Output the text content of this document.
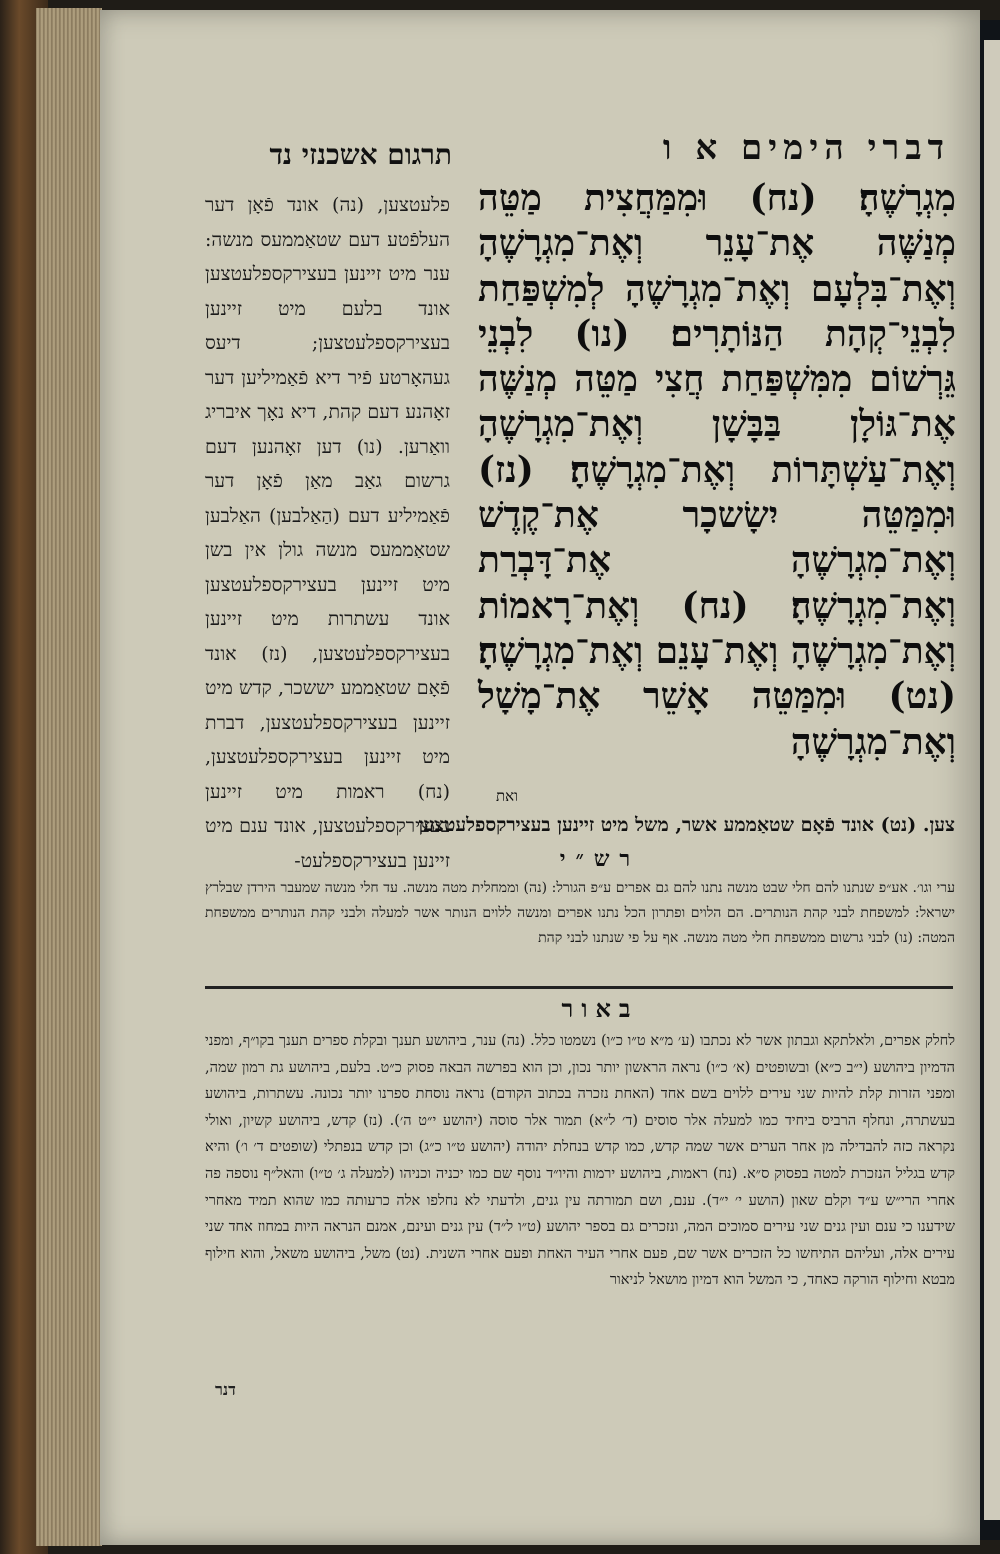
דברי הימים א ו
תרגום אשכנזי נד
מִגְרָשֶׁהָ׃ (נח) וּמִמַּחֲצִית מַטֵּה מְנַשֶּׁה אֶת־עָנֵר וְאֶת־מִגְרָשֶׁהָ וְאֶת־בִּלְעָם וְאֶת־מִגְרָשֶׁהָ לְמִשְׁפַּחַת לִבְנֵי־קְהָת הַנּוֹתָרִים׃ (נו) לִבְנֵי גֵּרְשׁוֹם מִמִּשְׁפַּחַת חֲצִי מַטֵּה מְנַשֶּׁה אֶת־גּוֹלָן בַּבָּשָׁן וְאֶת־מִגְרָשֶׁהָ וְאֶת־עַשְׁתָּרוֹת וְאֶת־מִגְרָשֶׁהָ׃ (נז) וּמִמַּטֵּה יִשָׂשכָר אֶת־קֶדֶשׁ וְאֶת־מִגְרָשֶׁהָ אֶת־דָּבְרַת וְאֶת־מִגְרָשֶׁהָ׃ (נח) וְאֶת־רָאמוֹת וְאֶת־מִגְרָשֶׁהָ וְאֶת־עָנֵם וְאֶת־מִגְרָשֶׁהָ׃ (נט) וּמִמַּטֵּה אָשֵׁר אֶת־מָשָׁל וְאֶת־מִגְרָשֶׁהָ
ואת
פלעטצען, (נה) אונד פֿאָן דער העלפֿטע דעם שטאַממעס מנשה: ענר מיט זיינען בעצירקספלעטצען אונד בלעם מיט זיינען בעצירקספלעטצען; דיעס געהאָרטע פֿיר דיא פֿאַמיליען דער זאָהנע דעם קהת, דיא נאָך איבריג וואַרען. (נו) דען זאָהנען דעם גרשום גאַב מאַן פֿאָן דער פֿאַמיליע דעם (הַאַלבען) האַלבען שטאַממעס מנשה גולן אין בשן מיט זיינען בעצירקספלעטצען אונד עשתרות מיט זיינען בעצירקספלעטצען, (נז) אונד פֿאָם שטאַממע יששכר, קדש מיט זיינען בעצירקספלעטצען, דברת מיט זיינען בעצירקספלעטצען, (נח) ראמות מיט זיינען בעצירקספלעטצען, אונד ענם מיט זיינען בעצירקספלעט-
צען. (נט) אונד פֿאָם שטאַממע אשר, משל מיט זיינען בעצירקספלעטצען
רש״י
ערי וגו׳. אע״פ שנתנו להם חלי שבט מנשה נתנו להם גם אפרים ע״פ הגורל: (נה) וממחלית מטה מנשה. עד חלי מנשה שמעבר הירדן שבלרץ ישראל: למשפחת לבני קהת הנותרים. הם הלוים ופתרון הכל נתנו אפרים ומנשה ללוים הנותר אשר למעלה ולבני קהת הנותרים ממשפחת המטה: (נו) לבני גרשום ממשפחת חלי מטה מנשה. אף על פי שנתנו לבני קהת
באור
לחלק אפרים, ולאלתקא וגבתון אשר לא נכתבו (ע׳ מ״א ט״ו כ״ו) נשמטו כלל. (נה) ענר, ביהושע תענך ובקלת ספרים תענך בקו״ף, ומפני הדמיון ביהושע (י״ב כ״א) ובשופטים (א׳ כ״ו) נראה הראשון יותר נכון, וכן הוא בפרשה הבאה פסוק כ״ט. בלעם, ביהושע גת רמון שמה, ומפני הזרות קלת להיות שני עירים ללוים בשם אחד (האחת נזכרה בכתוב הקודם) נראה נוסחת ספרנו יותר נכונה. עשתרות, ביהושע בעשתרה, ונחלף הרביס ביחיד כמו למעלה אלר סוסים (ד׳ ל״א) תמור אלר סוסה (יהושע י״ט ה׳). (נז) קדש, ביהושע קשיון, ואולי נקראה כזה להבדילה מן אחר הערים אשר שמה קדש, כמו קדש בנחלת יהודה (יהושע ט״ו כ״ג) וכן קדש בנפתלי (שופטים ד׳ ו׳) והיא קדש בגליל הנזכרת למטה בפסוק ס״א. (נח) ראמות, ביהושע ירמות והיו״ד נוסף שם כמו יכניה וכניהו (למעלה ג׳ ט״ו) והאל״ף נוספה פה אחרי הרי״ש ע״ד וקלם שאון (הושע י׳ י״ד). ענם, ושם תמורתה עין גנים, ולדעתי לא נחלפו אלה כרעותה כמו שהוא תמיד מאחרי שידענו כי ענם ועין גנים שני עירים סמוכים המה, ונזכרים גם בספר יהושע (ט״ו ל״ד) עין גנים ועינם, אמנם הנראה היות במחוז אחד שני עירים אלה, ועליהם התיחשו כל הזכרים אשר שם, פעם אחרי העיר האחת ופעם אחרי השנית. (נט) משל, ביהושע משאל, והוא חילוף מבטא וחילוף הורקה כאחד, כי המשל הוא דמיון מושאל לניאור
דנר
